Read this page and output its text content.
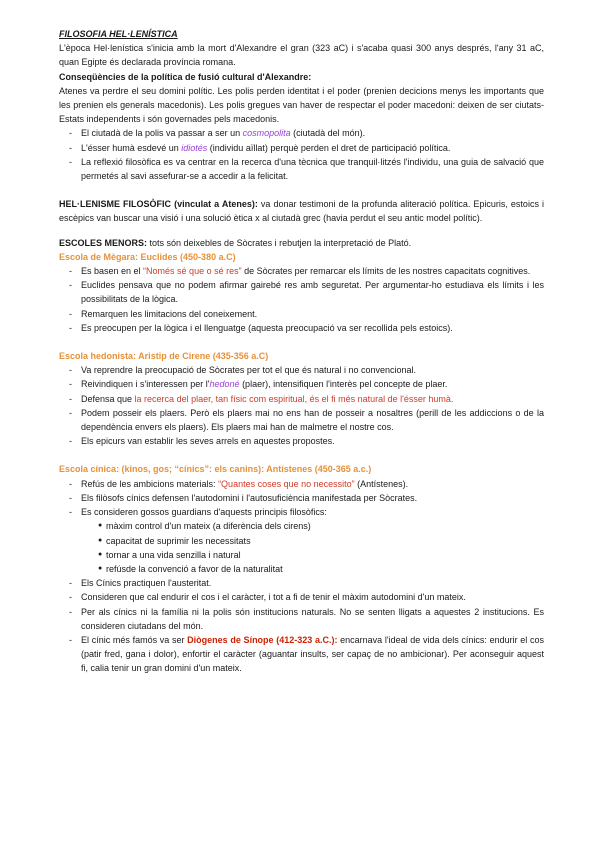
FILOSOFIA HEL·LENÍSTICA

L'època Hel·lenística s'inicia amb la mort d'Alexandre el gran (323 aC) i s'acaba quasi 300 anys després, l'any 31 aC, quan Egipte és declarada província romana.

Conseqüències de la política de fusió cultural d'Alexandre:

Atenes va perdre el seu domini polític. Les polis perden identitat i el poder (prenien decicions menys les importants que les prenien els generals macedonis). Les polis gregues van haver de respectar el poder macedoni: deixen de ser ciutats-Estats independents i són governades pels macedonis.

- El ciutadà de la polis va passar a ser un cosmopolita (ciutadà del món).
- L'ésser humà esdevé un idiotés (individu aïllat) perquè perden el dret de participació política.
- La reflexió filosòfica es va centrar en la recerca d'una tècnica que tranquil·litzés l'individu, una guia de salvació que permetés al savi assefurar-se a accedir a la felicitat.

HEL·LENISME FILOSÒFIC (vinculat a Atenes): va donar testimoni de la profunda aliteració política. Epicuris, estoics i escèpics van buscar una visió i una solució ètica x al ciutadà grec (havia perdut el seu antic model polític).

ESCOLES MENORS: tots són deixebles de Sòcrates i rebutjen la interpretació de Plató.

Escola de Mègara: Euclides (450-380 a.C)

- Es basen en el “Només sé que o sé res” de Sòcrates per remarcar els límits de les nostres capacitats cognitives.
- Euclides pensava que no podem afirmar gairebé res amb seguretat. Per argumentar-ho estudiava els límits i les possibilitats de la lògica.
- Remarquen les limitacions del coneixement.
- Es preocupen per la lògica i el llenguatge (aquesta preocupació va ser recollida pels estoics).

Escola hedonista: Aristip de Cirene (435-356 a.C)

- Va reprendre la preocupació de Sòcrates per tot el que és natural i no convencional.
- Reivindiquen i s'interessen per l'hedoné (plaer), intensifiquen l'interès pel concepte de plaer.
- Defensa que la recerca del plaer, tan físic com espiritual, és el fi més natural de l'ésser humà.
- Podem posseir els plaers. Però els plaers mai no ens han de posseir a nosaltres (perill de les addiccions o de la dependència envers els plaers). Els plaers mai han de malmetre el nostre cos.
- Els epicurs van establir les seves arrels en aquestes propostes.

Escola cínica: (kinos, gos; “cínics”: els canins): Antístenes (450-365 a.c.)

- Refús de les ambicions materials: “Quantes coses que no necessito” (Antístenes).
- Els filòsofs cínics defensen l'autodomini i l'autosuficiència manifestada per Sòcrates.
- Es consideren gossos guardians d'aquests principis filosòfics:
● màxim control d'un mateix (a diferència dels cirens)
● capacitat de suprimir les necessitats
● tornar a una vida senzilla i natural
● refúsde la convenció a favor de la naturalitat
- Els Cínics practiquen l'austeritat.
- Consideren que cal endurir el cos i el caràcter, i tot a fi de tenir el màxim autodomini d'un mateix.
- Per als cínics ni la família ni la polis són institucions naturals. No se senten lligats a aquestes 2 institucions. Es consideren ciutadans del món.
- El cínic més famós va ser Diògenes de Sínope (412-323 a.C.): encarnava l'ideal de vida dels cínics: endurir el cos (patir fred, gana i dolor), enfortir el caràcter (aguantar insults, ser capaç de no ambicionar). Per aconseguir aquest fi, calia tenir un gran domini d'un mateix.
